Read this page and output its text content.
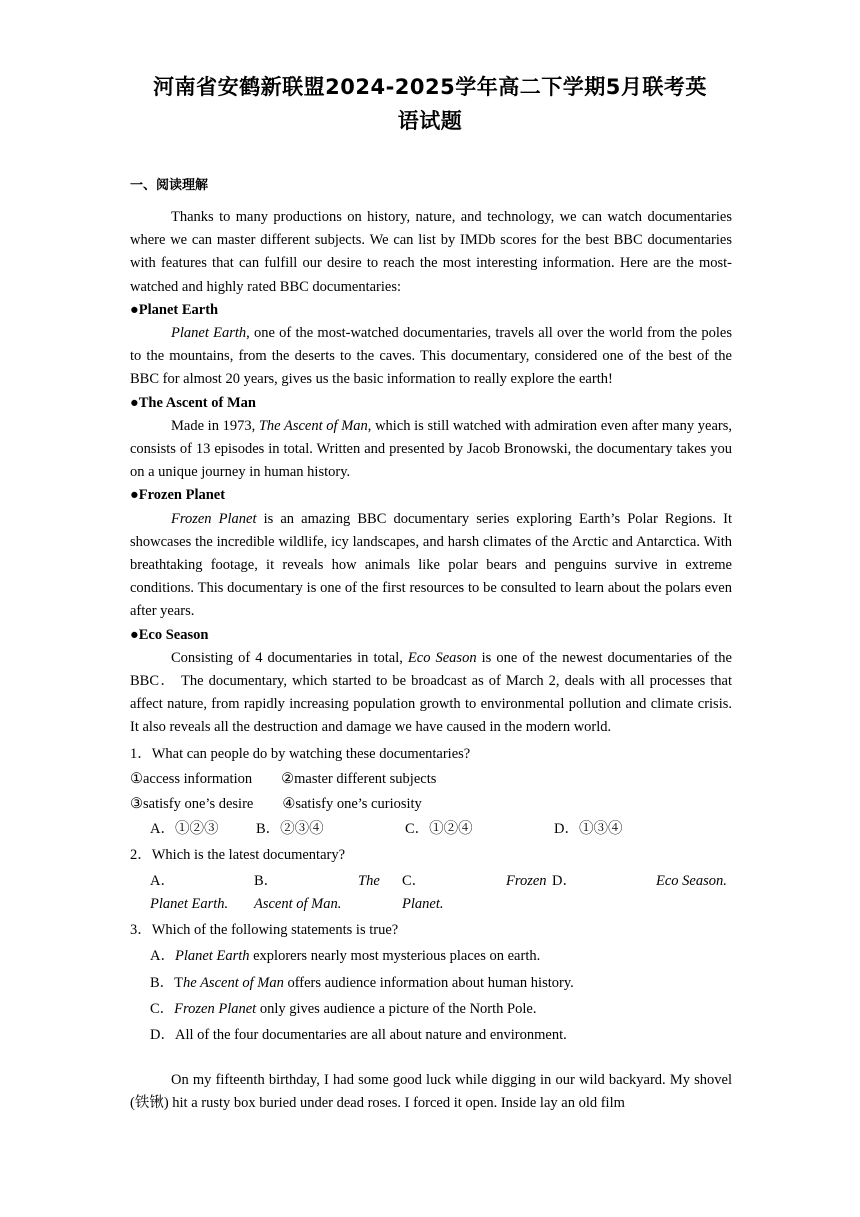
河南省安鹤新联盟2024-2025学年高二下学期5月联考英
语试题
一、阅读理解

Thanks to many productions on history, nature, and technology, we can watch documentaries where we can master different subjects. We can list by IMDb scores for the best BBC documentaries with features that can fulfill our desire to reach the most interesting information. Here are the most-watched and highly rated BBC documentaries:

●Planet Earth

Planet Earth, one of the most-watched documentaries, travels all over the world from the poles to the mountains, from the deserts to the caves. This documentary, considered one of the best of the BBC for almost 20 years, gives us the basic information to really explore the earth!

●The Ascent of Man

Made in 1973, The Ascent of Man, which is still watched with admiration even after many years, consists of 13 episodes in total. Written and presented by Jacob Bronowski, the documentary takes you on a unique journey in human history.

●Frozen Planet

Frozen Planet is an amazing BBC documentary series exploring Earth’s Polar Regions. It showcases the incredible wildlife, icy landscapes, and harsh climates of the Arctic and Antarctica. With breathtaking footage, it reveals how animals like polar bears and penguins survive in extreme conditions. This documentary is one of the first resources to be consulted to learn about the polars even after years.

●Eco Season

Consisting of 4 documentaries in total, Eco Season is one of the newest documentaries of the BBC． The documentary, which started to be broadcast as of March 2, deals with all processes that affect nature, from rapidly increasing population growth to environmental pollution and climate crisis. It also reveals all the destruction and damage we have caused in the modern world.

1．What can people do by watching these documentaries?

①access information　　②master different subjects

③satisfy one’s desire　　④satisfy one’s curiosity

A．①②③	B．②③④	C．①②④	D．①③④

2．Which is the latest documentary?

A．Planet Earth.
B．	The Ascent of Man.
C．	Frozen Planet.
D．	Eco Season.

3．Which of the following statements is true?

A．Planet Earth explorers nearly most mysterious places on earth.

B．The Ascent of Man offers audience information about human history.

C．Frozen Planet only gives audience a picture of the North Pole.

D．All of the four documentaries are all about nature and environment.

On my fifteenth birthday, I had some good luck while digging in our wild backyard. My shovel (铁锹) hit a rusty box buried under dead roses. I forced it open. Inside lay an old film
